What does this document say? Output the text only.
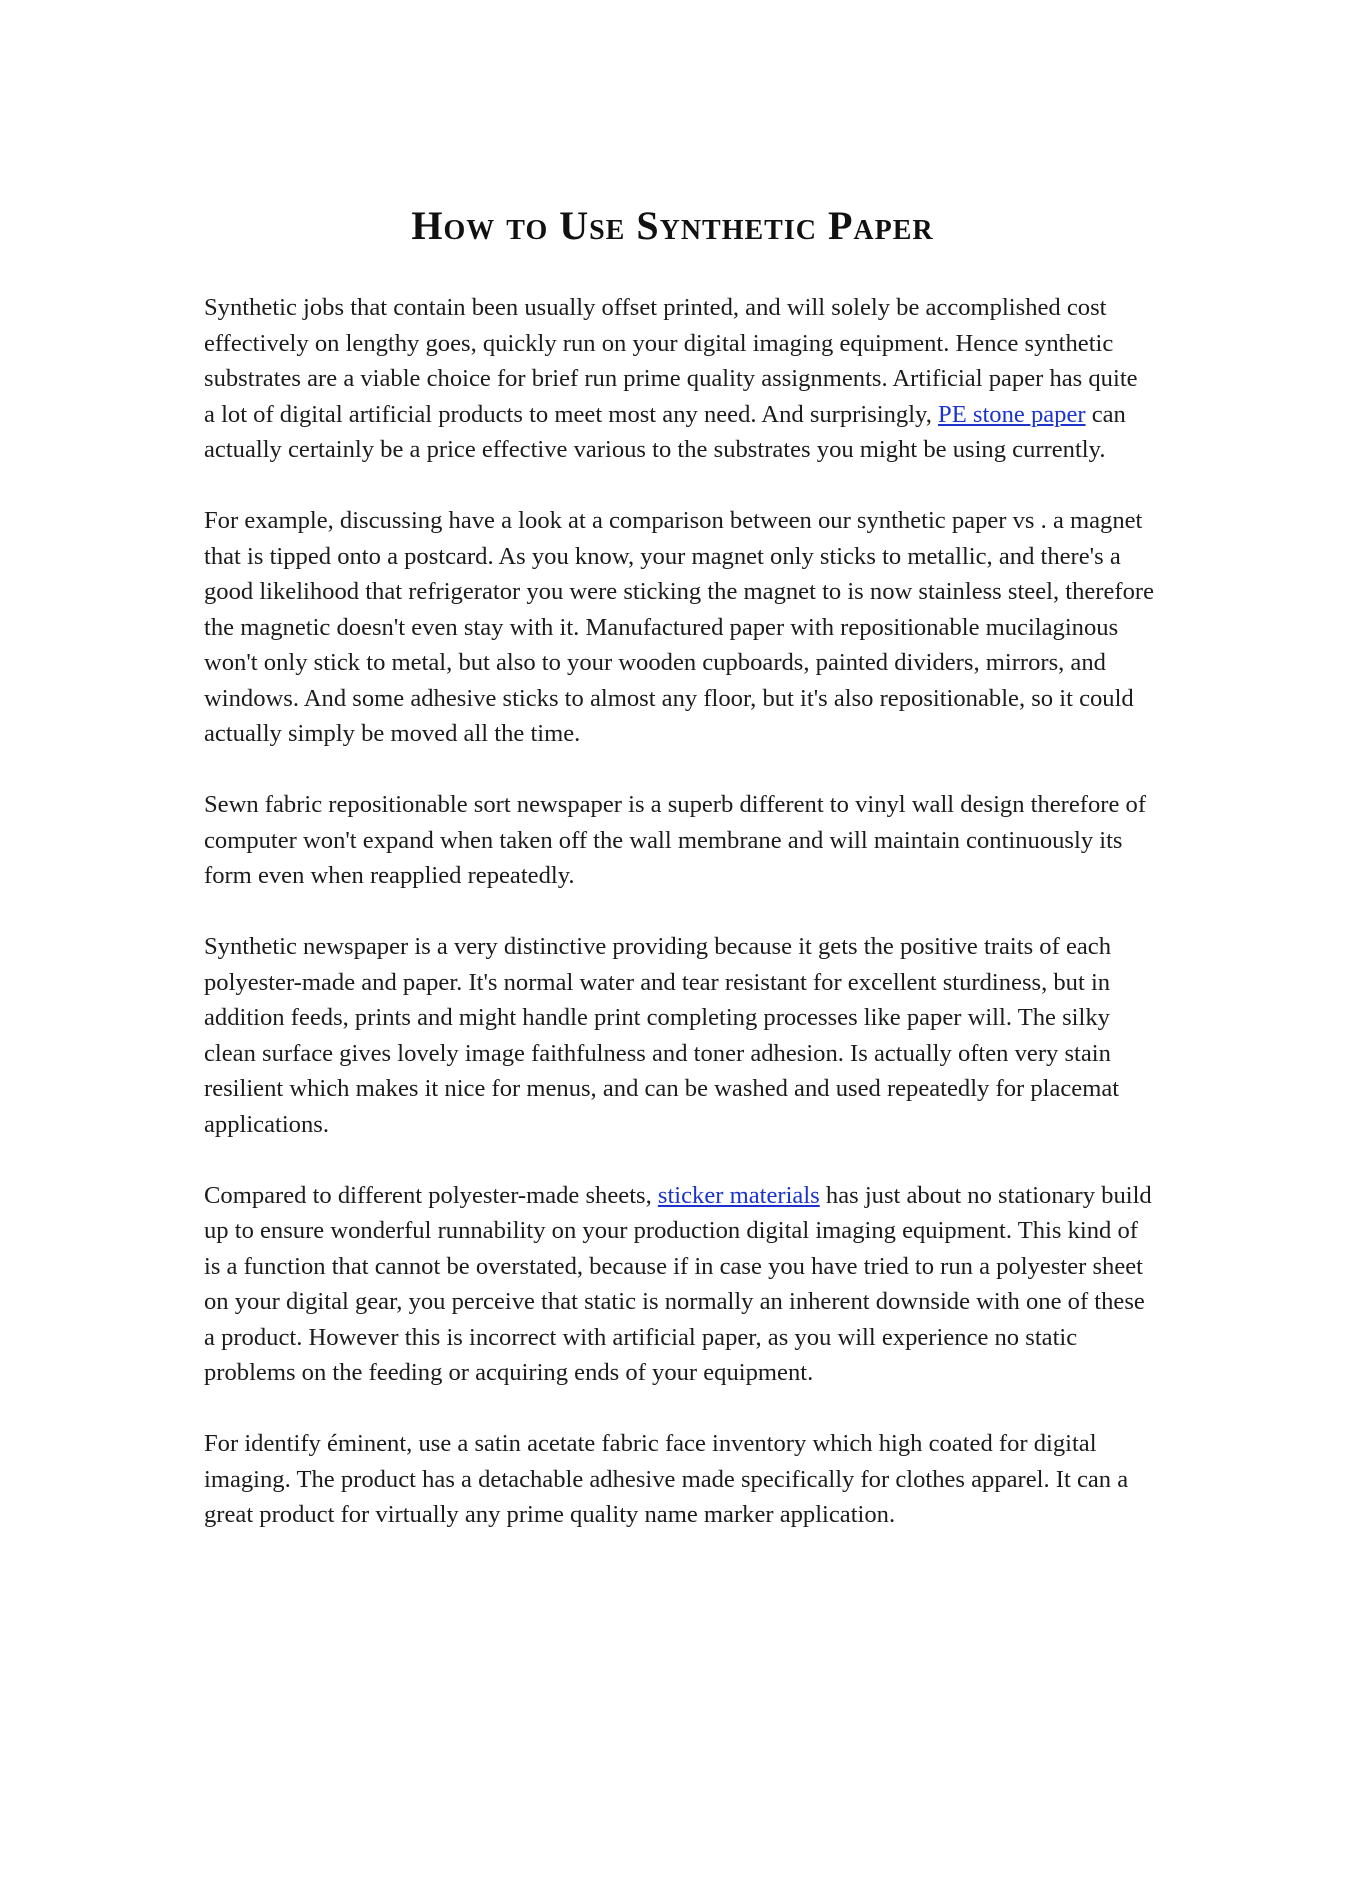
How to Use Synthetic Paper

Synthetic jobs that contain been usually offset printed, and will solely be accomplished cost effectively on lengthy goes, quickly run on your digital imaging equipment. Hence synthetic substrates are a viable choice for brief run prime quality assignments. Artificial paper has quite a lot of digital artificial products to meet most any need. And surprisingly, PE stone paper can actually certainly be a price effective various to the substrates you might be using currently.

For example, discussing have a look at a comparison between our synthetic paper vs . a magnet that is tipped onto a postcard. As you know, your magnet only sticks to metallic, and there's a good likelihood that refrigerator you were sticking the magnet to is now stainless steel, therefore the magnetic doesn't even stay with it. Manufactured paper with repositionable mucilaginous won't only stick to metal, but also to your wooden cupboards, painted dividers, mirrors, and windows. And some adhesive sticks to almost any floor, but it's also repositionable, so it could actually simply be moved all the time.

Sewn fabric repositionable sort newspaper is a superb different to vinyl wall design therefore of computer won't expand when taken off the wall membrane and will maintain continuously its form even when reapplied repeatedly.

Synthetic newspaper is a very distinctive providing because it gets the positive traits of each polyester-made and paper. It's normal water and tear resistant for excellent sturdiness, but in addition feeds, prints and might handle print completing processes like paper will. The silky clean surface gives lovely image faithfulness and toner adhesion. Is actually often very stain resilient which makes it nice for menus, and can be washed and used repeatedly for placemat applications.

Compared to different polyester-made sheets, sticker materials has just about no stationary build up to ensure wonderful runnability on your production digital imaging equipment. This kind of is a function that cannot be overstated, because if in case you have tried to run a polyester sheet on your digital gear, you perceive that static is normally an inherent downside with one of these a product. However this is incorrect with artificial paper, as you will experience no static problems on the feeding or acquiring ends of your equipment.

For identify éminent, use a satin acetate fabric face inventory which high coated for digital imaging. The product has a detachable adhesive made specifically for clothes apparel. It can a great product for virtually any prime quality name marker application.
